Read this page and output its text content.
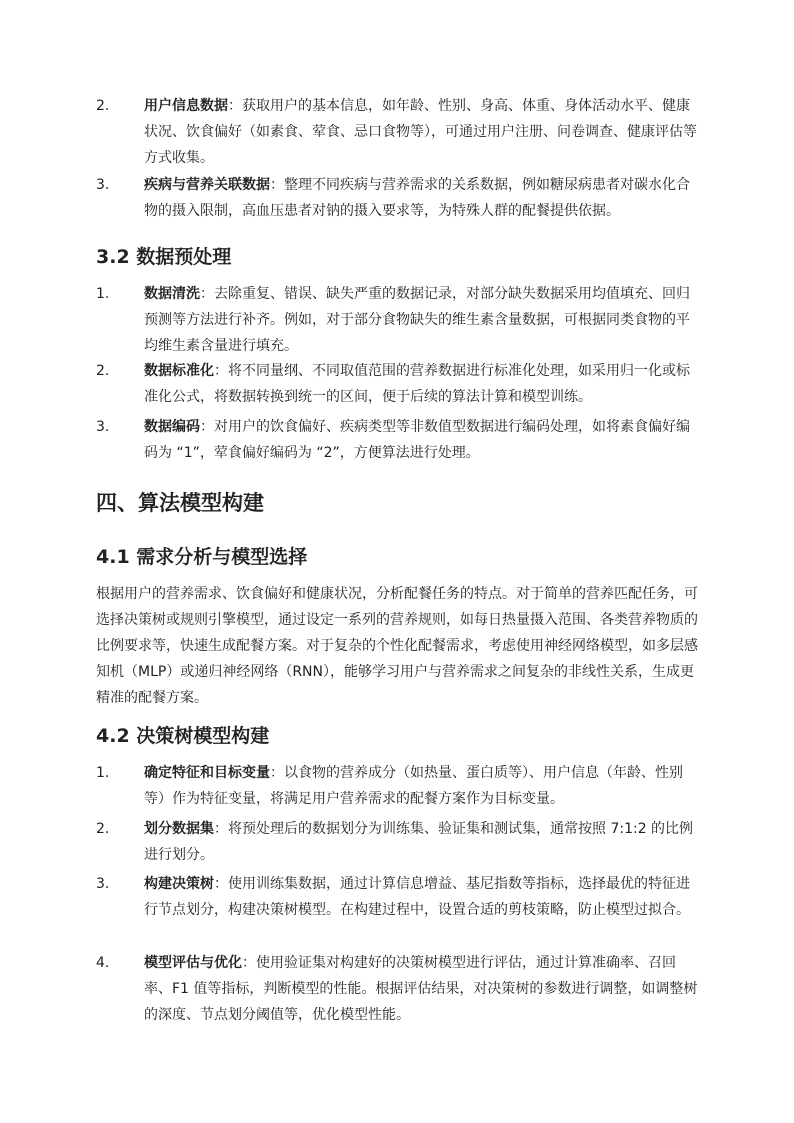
2. 用户信息数据：获取用户的基本信息，如年龄、性别、身高、体重、身体活动水平、健康状况、饮食偏好（如素食、荤食、忌口食物等），可通过用户注册、问卷调查、健康评估等方式收集。
3. 疾病与营养关联数据：整理不同疾病与营养需求的关系数据，例如糖尿病患者对碳水化合物的摄入限制，高血压患者对钠的摄入要求等，为特殊人群的配餐提供依据。
3.2 数据预处理
1. 数据清洗：去除重复、错误、缺失严重的数据记录，对部分缺失数据采用均值填充、回归预测等方法进行补齐。例如，对于部分食物缺失的维生素含量数据，可根据同类食物的平均维生素含量进行填充。
2. 数据标准化：将不同量纲、不同取值范围的营养数据进行标准化处理，如采用归一化或标准化公式，将数据转换到统一的区间，便于后续的算法计算和模型训练。
3. 数据编码：对用户的饮食偏好、疾病类型等非数值型数据进行编码处理，如将素食偏好编码为 “1”，荤食偏好编码为 “2”，方便算法进行处理。
四、算法模型构建
4.1 需求分析与模型选择

根据用户的营养需求、饮食偏好和健康状况，分析配餐任务的特点。对于简单的营养匹配任务，可选择决策树或规则引擎模型，通过设定一系列的营养规则，如每日热量摄入范围、各类营养物质的比例要求等，快速生成配餐方案。对于复杂的个性化配餐需求，考虑使用神经网络模型，如多层感知机（MLP）或递归神经网络（RNN），能够学习用户与营养需求之间复杂的非线性关系，生成更精准的配餐方案。

4.2 决策树模型构建
1. 确定特征和目标变量：以食物的营养成分（如热量、蛋白质等）、用户信息（年龄、性别等）作为特征变量，将满足用户营养需求的配餐方案作为目标变量。
2. 划分数据集：将预处理后的数据划分为训练集、验证集和测试集，通常按照 7:1:2 的比例进行划分。
3. 构建决策树：使用训练集数据，通过计算信息增益、基尼指数等指标，选择最优的特征进行节点划分，构建决策树模型。在构建过程中，设置合适的剪枝策略，防止模型过拟合。
4. 模型评估与优化：使用验证集对构建好的决策树模型进行评估，通过计算准确率、召回率、F1 值等指标，判断模型的性能。根据评估结果，对决策树的参数进行调整，如调整树的深度、节点划分阈值等，优化模型性能。
